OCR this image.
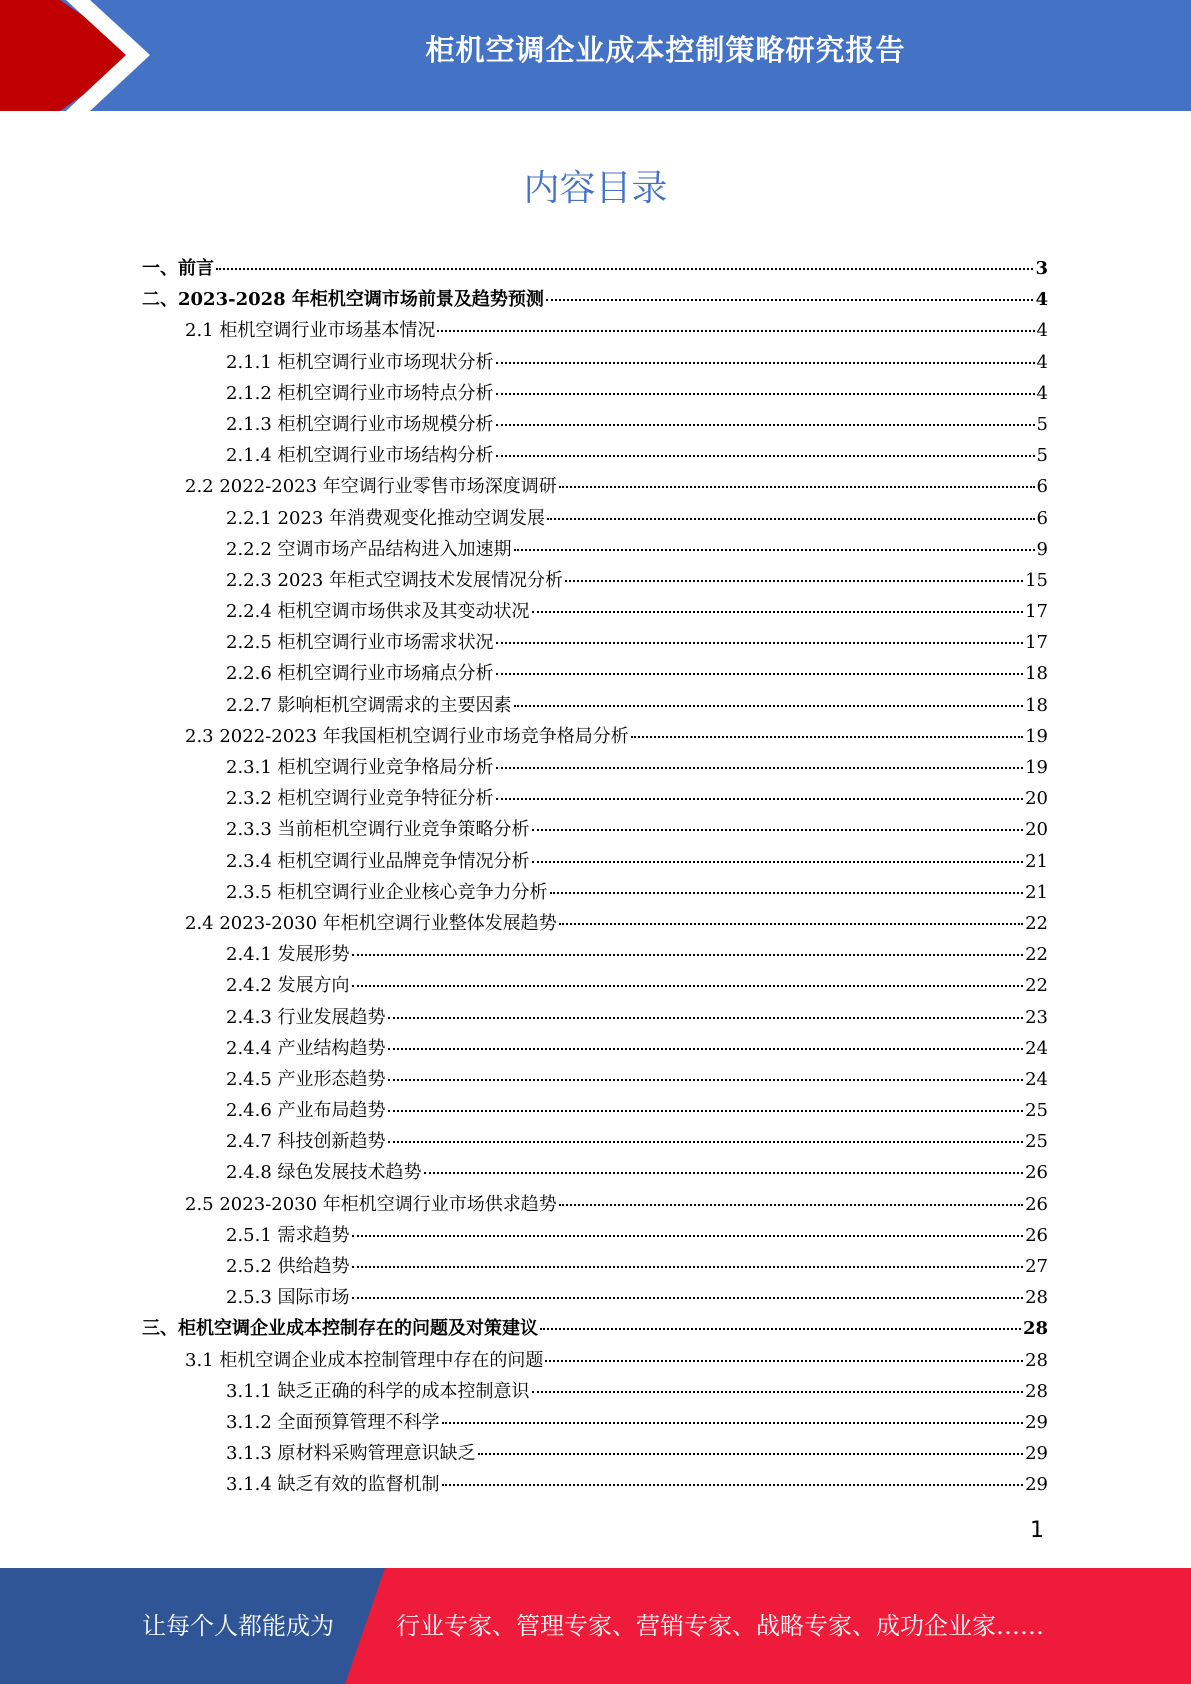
柜机空调企业成本控制策略研究报告
内容目录
一、前言	3
二、2023-2028 年柜机空调市场前景及趋势预测	4
2.1 柜机空调行业市场基本情况	4
2.1.1 柜机空调行业市场现状分析	4
2.1.2 柜机空调行业市场特点分析	4
2.1.3 柜机空调行业市场规模分析	5
2.1.4 柜机空调行业市场结构分析	5
2.2 2022-2023 年空调行业零售市场深度调研	6
2.2.1 2023 年消费观变化推动空调发展	6
2.2.2 空调市场产品结构进入加速期	9
2.2.3 2023 年柜式空调技术发展情况分析	15
2.2.4 柜机空调市场供求及其变动状况	17
2.2.5 柜机空调行业市场需求状况	17
2.2.6 柜机空调行业市场痛点分析	18
2.2.7 影响柜机空调需求的主要因素	18
2.3 2022-2023 年我国柜机空调行业市场竞争格局分析	19
2.3.1 柜机空调行业竞争格局分析	19
2.3.2 柜机空调行业竞争特征分析	20
2.3.3 当前柜机空调行业竞争策略分析	20
2.3.4 柜机空调行业品牌竞争情况分析	21
2.3.5 柜机空调行业企业核心竞争力分析	21
2.4 2023-2030 年柜机空调行业整体发展趋势	22
2.4.1 发展形势	22
2.4.2 发展方向	22
2.4.3 行业发展趋势	23
2.4.4 产业结构趋势	24
2.4.5 产业形态趋势	24
2.4.6 产业布局趋势	25
2.4.7 科技创新趋势	25
2.4.8 绿色发展技术趋势	26
2.5 2023-2030 年柜机空调行业市场供求趋势	26
2.5.1 需求趋势	26
2.5.2 供给趋势	27
2.5.3 国际市场	28
三、柜机空调企业成本控制存在的问题及对策建议	28
3.1 柜机空调企业成本控制管理中存在的问题	28
3.1.1 缺乏正确的科学的成本控制意识	28
3.1.2 全面预算管理不科学	29
3.1.3 原材料采购管理意识缺乏	29
3.1.4 缺乏有效的监督机制	29
1
让每个人都能成为	行业专家、管理专家、营销专家、战略专家、成功企业家……
